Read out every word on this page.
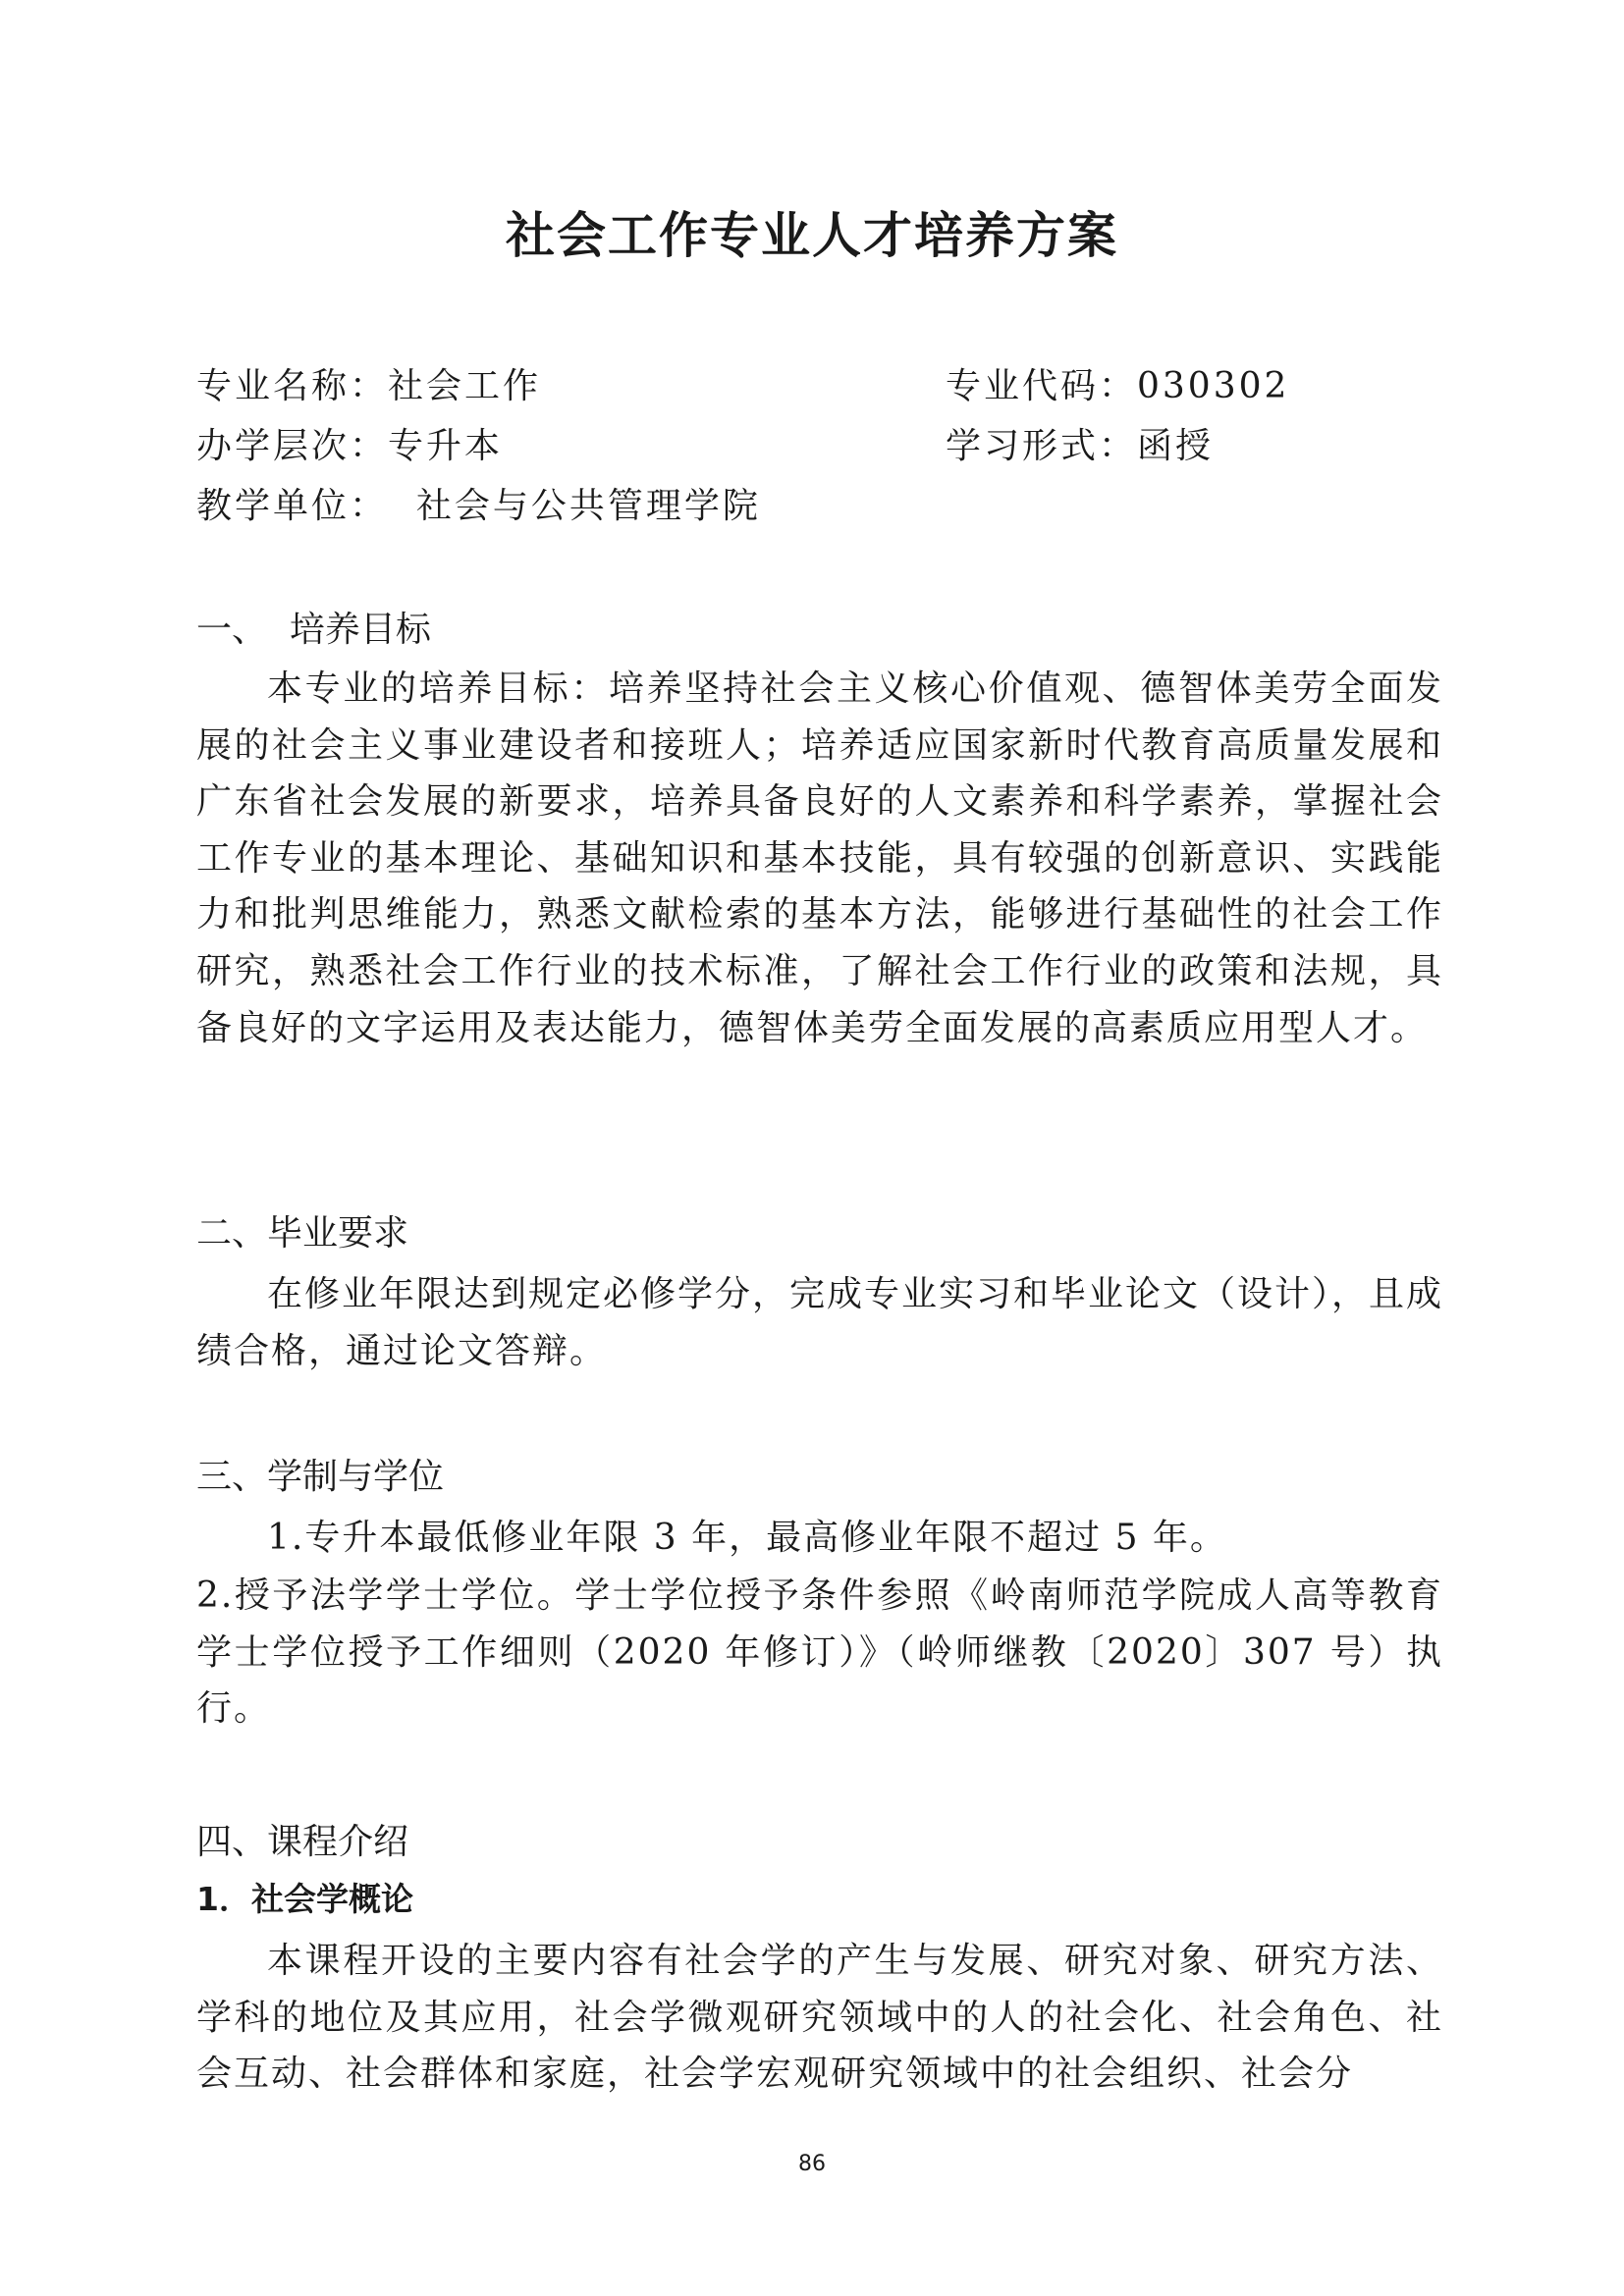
社会工作专业人才培养方案
专业名称：社会工作	专业代码：030302
办学层次：专升本	学习形式：函授
教学单位：  社会与公共管理学院
一、  培养目标
本专业的培养目标：培养坚持社会主义核心价值观、德智体美劳全面发展的社会主义事业建设者和接班人；培养适应国家新时代教育高质量发展和广东省社会发展的新要求，培养具备良好的人文素养和科学素养，掌握社会工作专业的基本理论、基础知识和基本技能，具有较强的创新意识、实践能力和批判思维能力，熟悉文献检索的基本方法，能够进行基础性的社会工作研究，熟悉社会工作行业的技术标准，了解社会工作行业的政策和法规，具备良好的文字运用及表达能力，德智体美劳全面发展的高素质应用型人才。
二、毕业要求
在修业年限达到规定必修学分，完成专业实习和毕业论文（设计），且成绩合格，通过论文答辩。
三、学制与学位
1.专升本最低修业年限 3 年，最高修业年限不超过 5 年。
2.授予法学学士学位。学士学位授予条件参照《岭南师范学院成人高等教育学士学位授予工作细则（2020 年修订）》（岭师继教〔2020〕307 号）执行。
四、课程介绍
1．社会学概论
本课程开设的主要内容有社会学的产生与发展、研究对象、研究方法、学科的地位及其应用，社会学微观研究领域中的人的社会化、社会角色、社会互动、社会群体和家庭，社会学宏观研究领域中的社会组织、社会分
86
